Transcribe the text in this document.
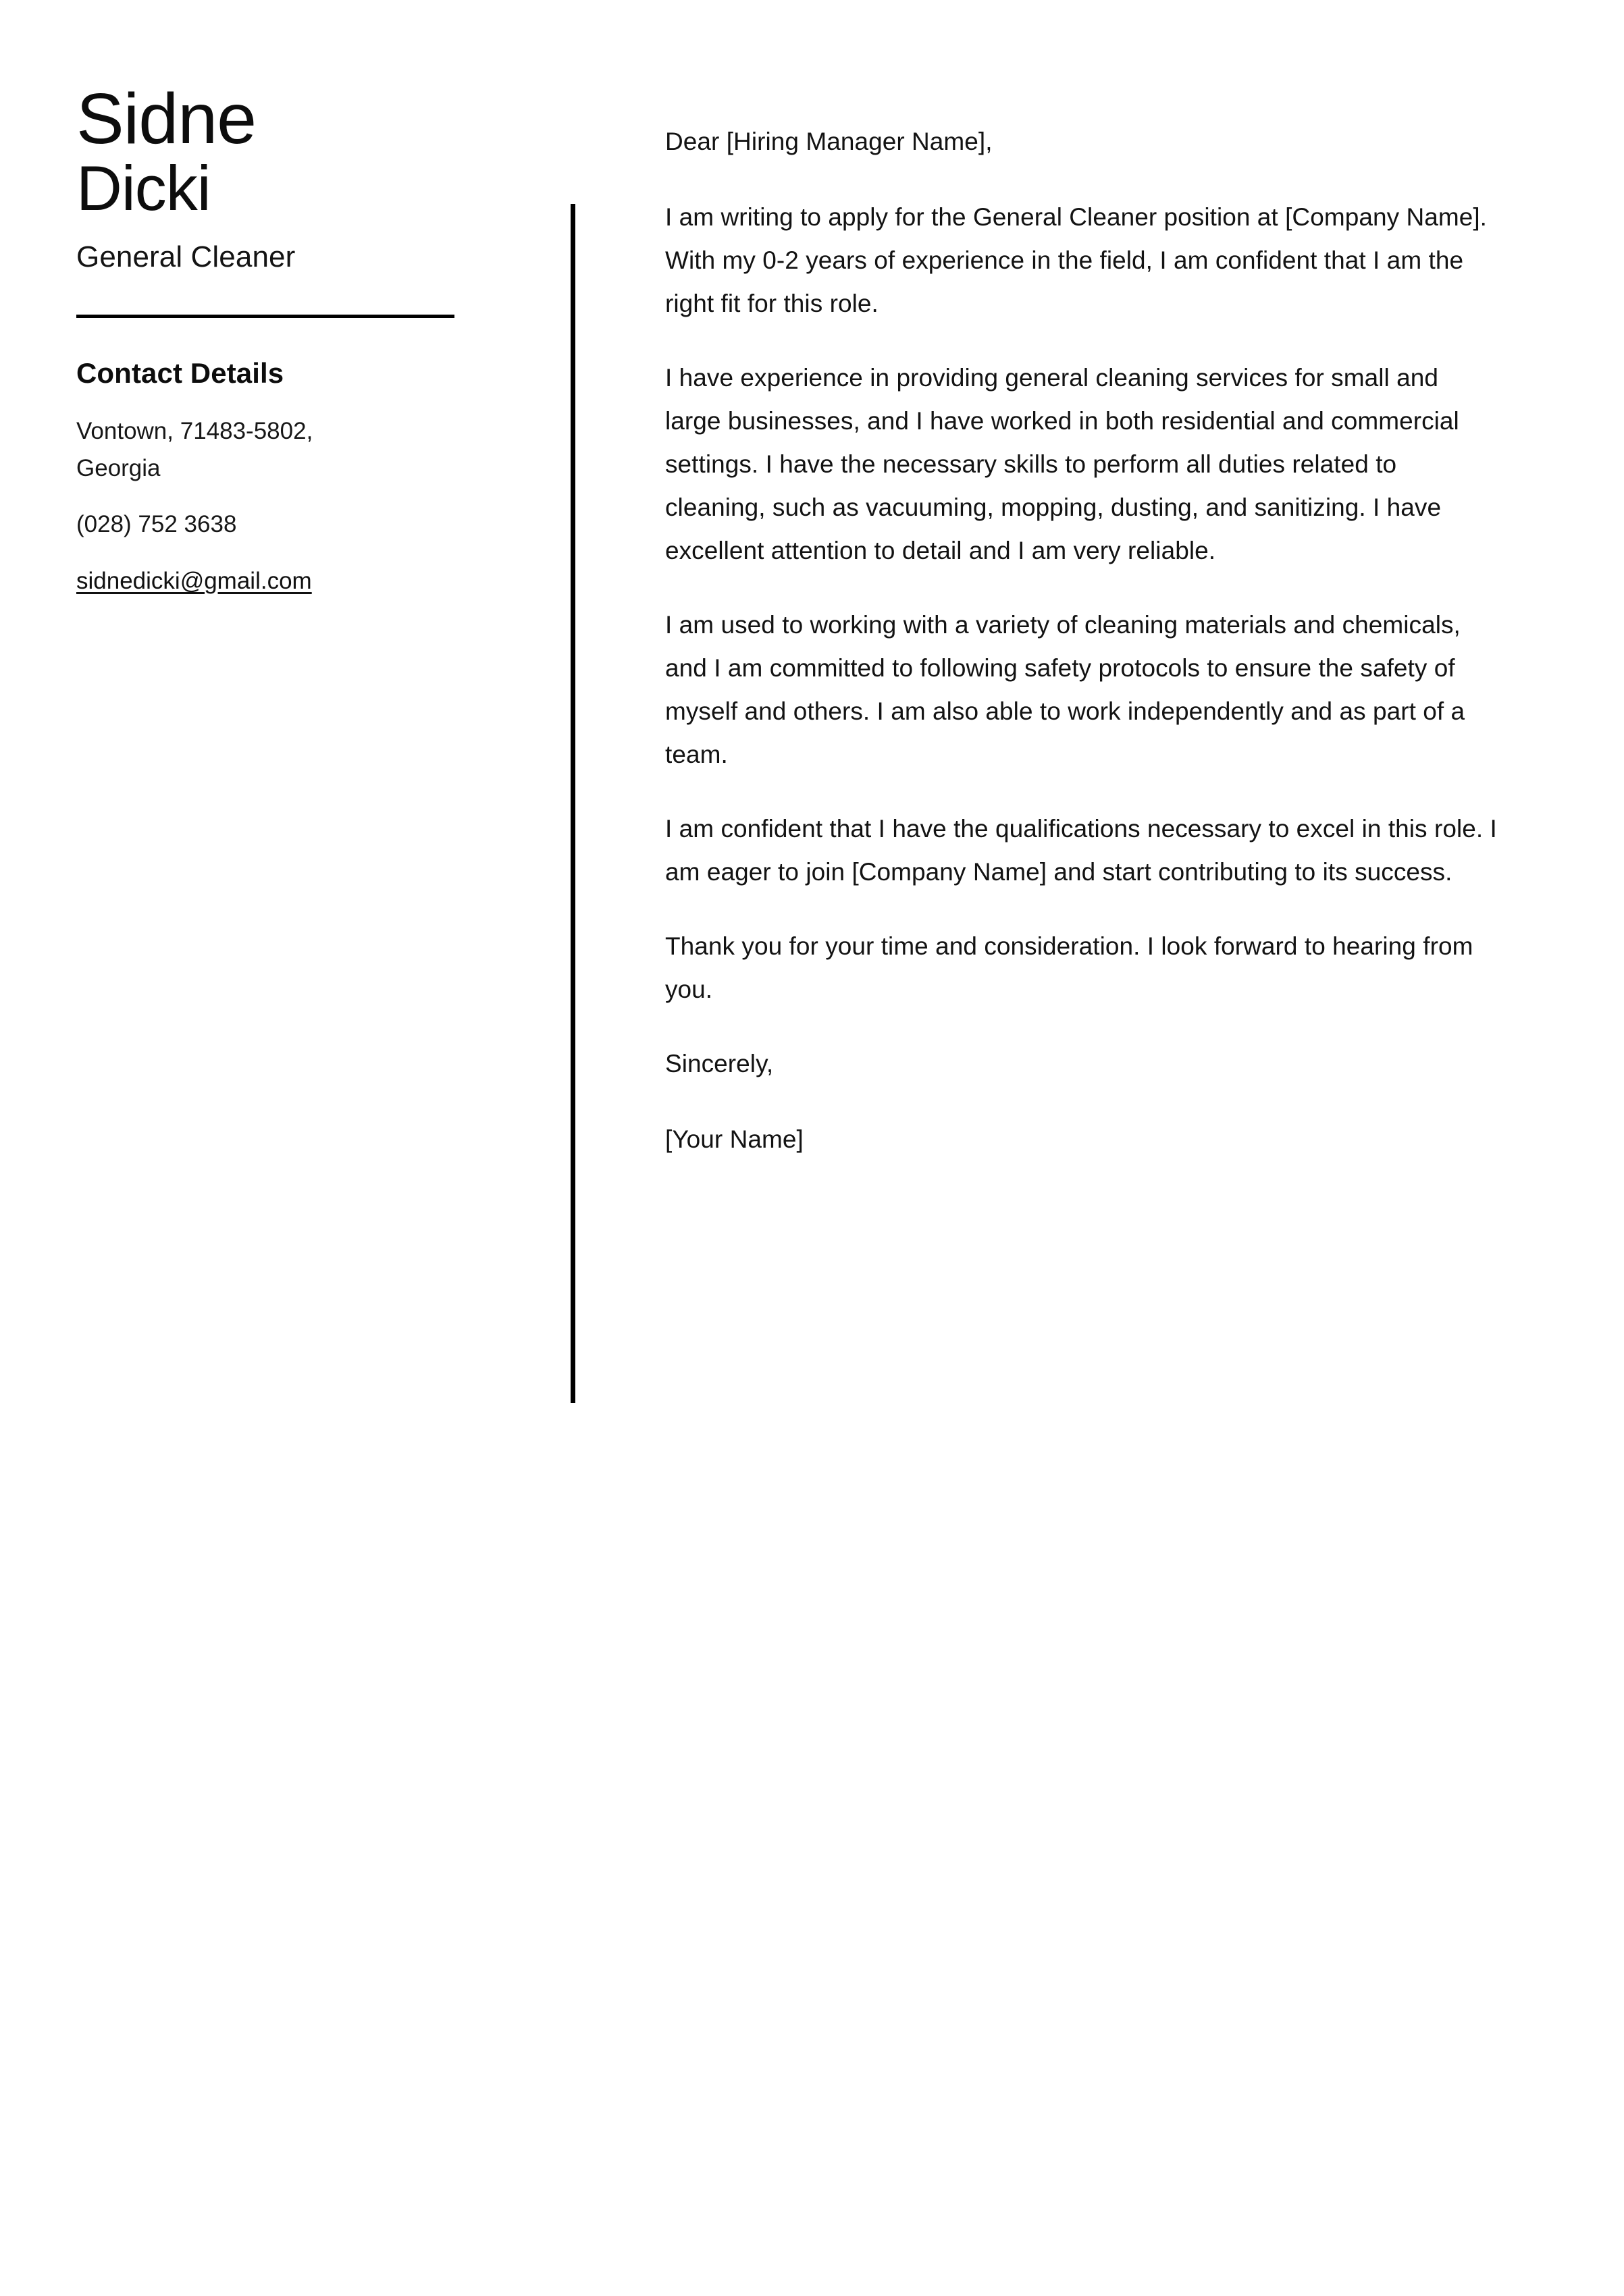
Sidne
Dicki
General Cleaner
Contact Details
Vontown, 71483-5802, Georgia
(028) 752 3638
sidnedicki@gmail.com

Dear [Hiring Manager Name],

I am writing to apply for the General Cleaner position at [Company Name]. With my 0-2 years of experience in the field, I am confident that I am the right fit for this role.

I have experience in providing general cleaning services for small and large businesses, and I have worked in both residential and commercial settings. I have the necessary skills to perform all duties related to cleaning, such as vacuuming, mopping, dusting, and sanitizing. I have excellent attention to detail and I am very reliable.

I am used to working with a variety of cleaning materials and chemicals, and I am committed to following safety protocols to ensure the safety of myself and others. I am also able to work independently and as part of a team.

I am confident that I have the qualifications necessary to excel in this role. I am eager to join [Company Name] and start contributing to its success.

Thank you for your time and consideration. I look forward to hearing from you.

Sincerely,

[Your Name]
